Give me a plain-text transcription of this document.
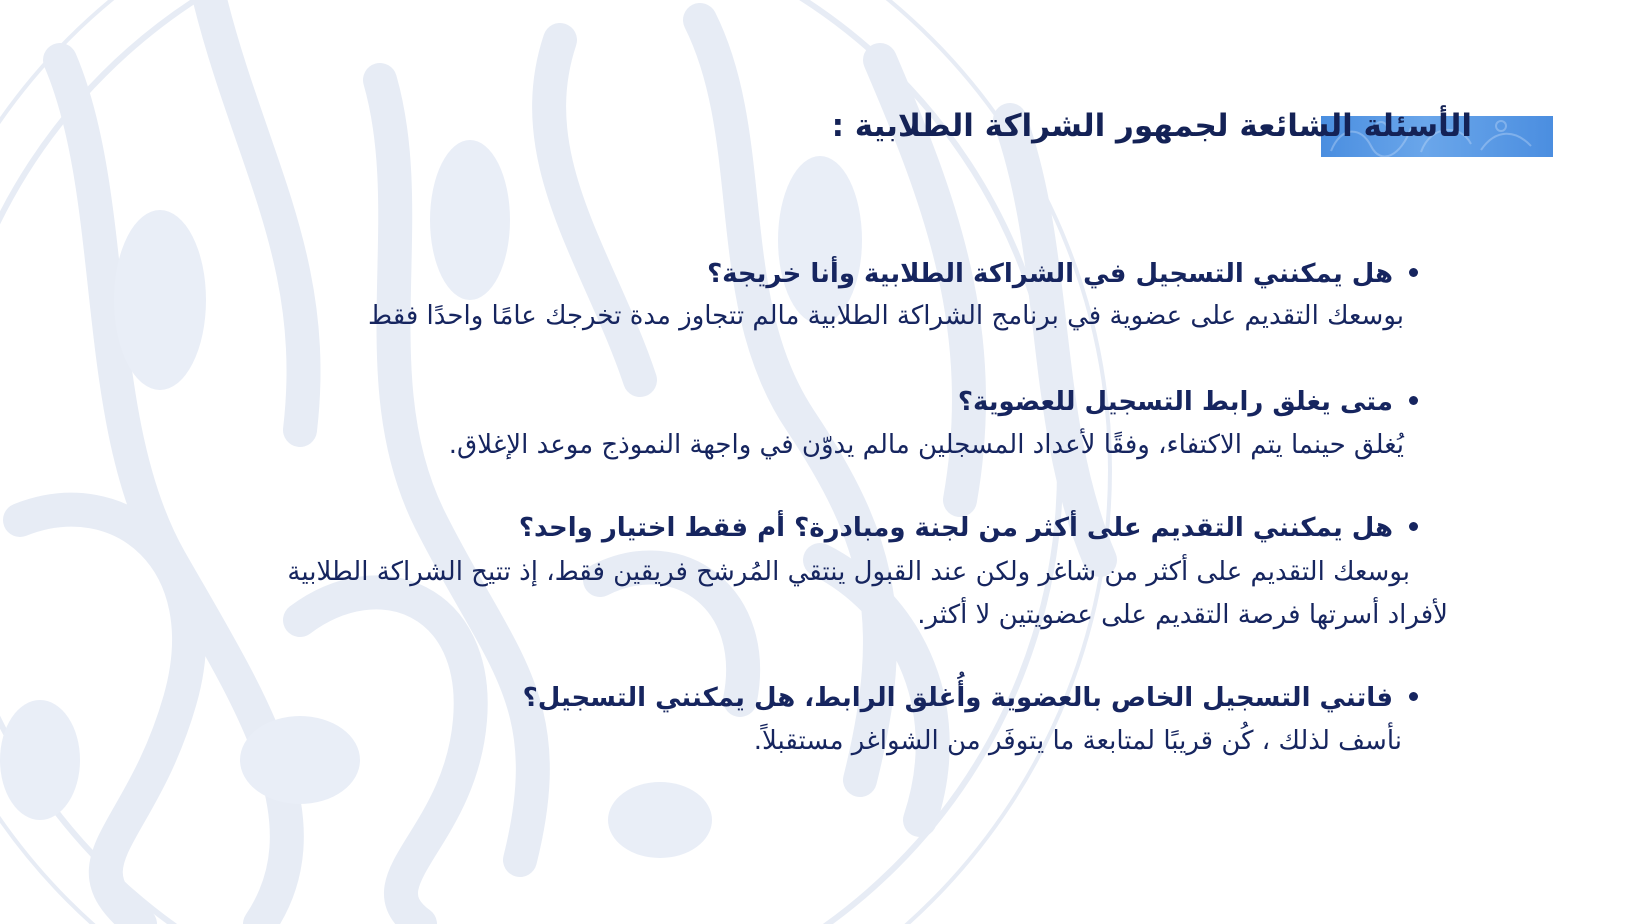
الأسئلة الشائعة لجمهور الشراكة الطلابية :
هل يمكنني التسجيل في الشراكة الطلابية وأنا خريجة؟
بوسعك التقديم على عضوية في برنامج الشراكة الطلابية مالم تتجاوز مدة تخرجك عامًا واحدًا فقط
متى يغلق رابط التسجيل للعضوية؟
يُغلق حينما يتم الاكتفاء، وفقًا لأعداد المسجلين مالم يدوّن في واجهة النموذج موعد الإغلاق.
هل يمكنني التقديم على أكثر من لجنة ومبادرة؟ أم فقط اختيار واحد؟
بوسعك التقديم على أكثر من شاغر ولكن عند القبول ينتقي المُرشح فريقين فقط، إذ تتيح الشراكة الطلابية
لأفراد أسرتها فرصة التقديم على عضويتين لا أكثر.
فاتني التسجيل الخاص بالعضوية وأُغلق الرابط، هل يمكنني التسجيل؟
نأسف لذلك ، كُن قريبًا لمتابعة ما يتوفَر من الشواغر مستقبلاً.
